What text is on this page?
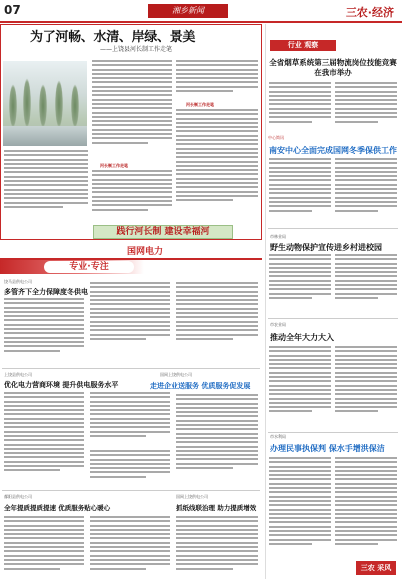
07	湘乡新闻	三农·经济
为了河畅、水清、岸绿、景美
——上饶县河长制工作走笔
河长制工作走笔
河长制工作走笔
践行河长制 建设幸福河
行业 观察
全省烟草系统第三届物流岗位技能竞赛在我市举办
中心简讯
南安中心全面完成国网冬季保供工作
市林业局
野生动物保护宣传进乡村进校园
市农业局
推动全年大力大入
市水利局
办理民事执保判 保水手增洪保洁
三农 采风
国网电力
专业·专注
饶马县供电公司
多管齐下全力保障度冬供电
上饶县供电公司
优化电力营商环境 提升供电服务水平
国网上饶供电公司
走进企业送服务 优质服务促发展
鄱阳县供电公司
全年提质提质提速 优质服务贴心暖心
国网上饶供电公司
抓纸线联治理 助力提质增效
